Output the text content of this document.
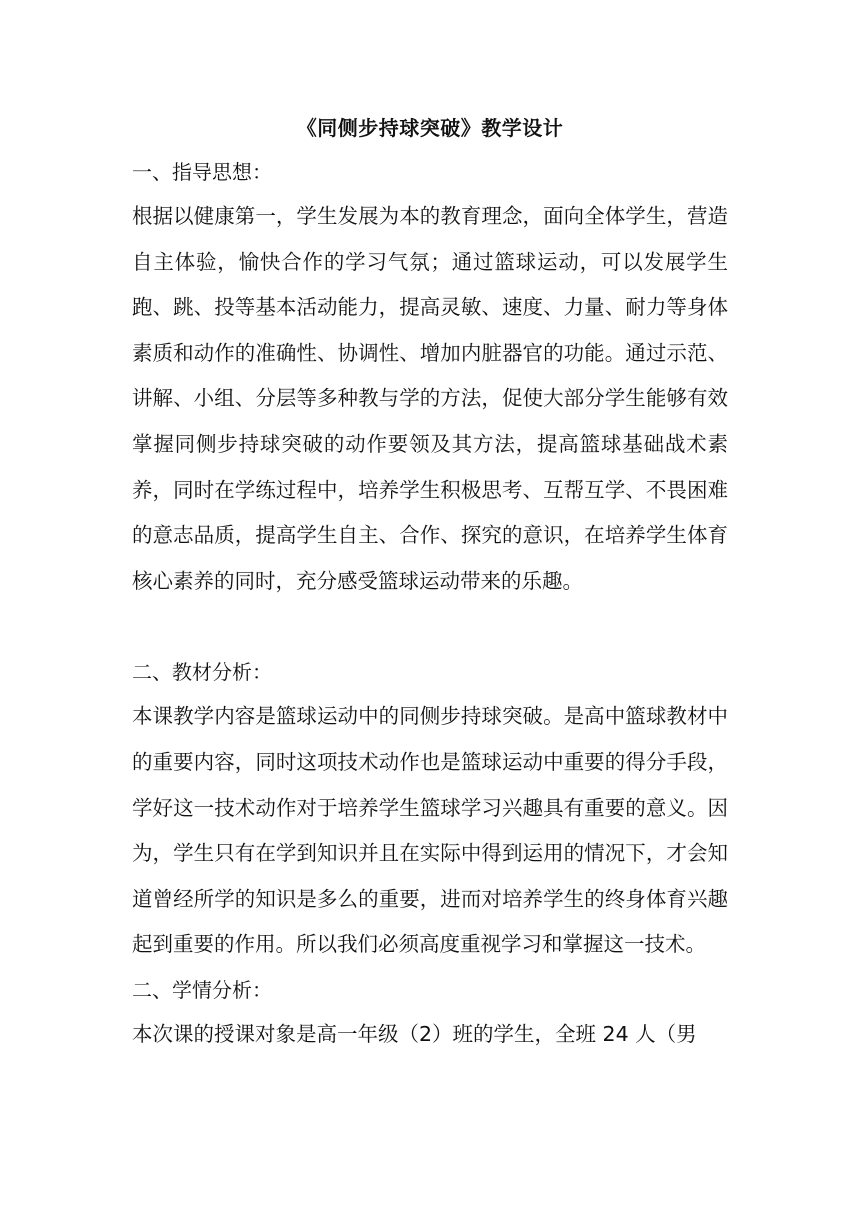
《同侧步持球突破》教学设计

一、指导思想：

根据以健康第一，学生发展为本的教育理念，面向全体学生，营造自主体验，愉快合作的学习气氛；通过篮球运动，可以发展学生跑、跳、投等基本活动能力，提高灵敏、速度、力量、耐力等身体素质和动作的准确性、协调性、增加内脏器官的功能。通过示范、讲解、小组、分层等多种教与学的方法，促使大部分学生能够有效掌握同侧步持球突破的动作要领及其方法，提高篮球基础战术素养，同时在学练过程中，培养学生积极思考、互帮互学、不畏困难的意志品质，提高学生自主、合作、探究的意识，在培养学生体育核心素养的同时，充分感受篮球运动带来的乐趣。

二、教材分析：

本课教学内容是篮球运动中的同侧步持球突破。是高中篮球教材中的重要内容，同时这项技术动作也是篮球运动中重要的得分手段，学好这一技术动作对于培养学生篮球学习兴趣具有重要的意义。因为，学生只有在学到知识并且在实际中得到运用的情况下，才会知道曾经所学的知识是多么的重要，进而对培养学生的终身体育兴趣起到重要的作用。所以我们必须高度重视学习和掌握这一技术。

二、学情分析：

本次课的授课对象是高一年级（2）班的学生，全班 24 人（男
